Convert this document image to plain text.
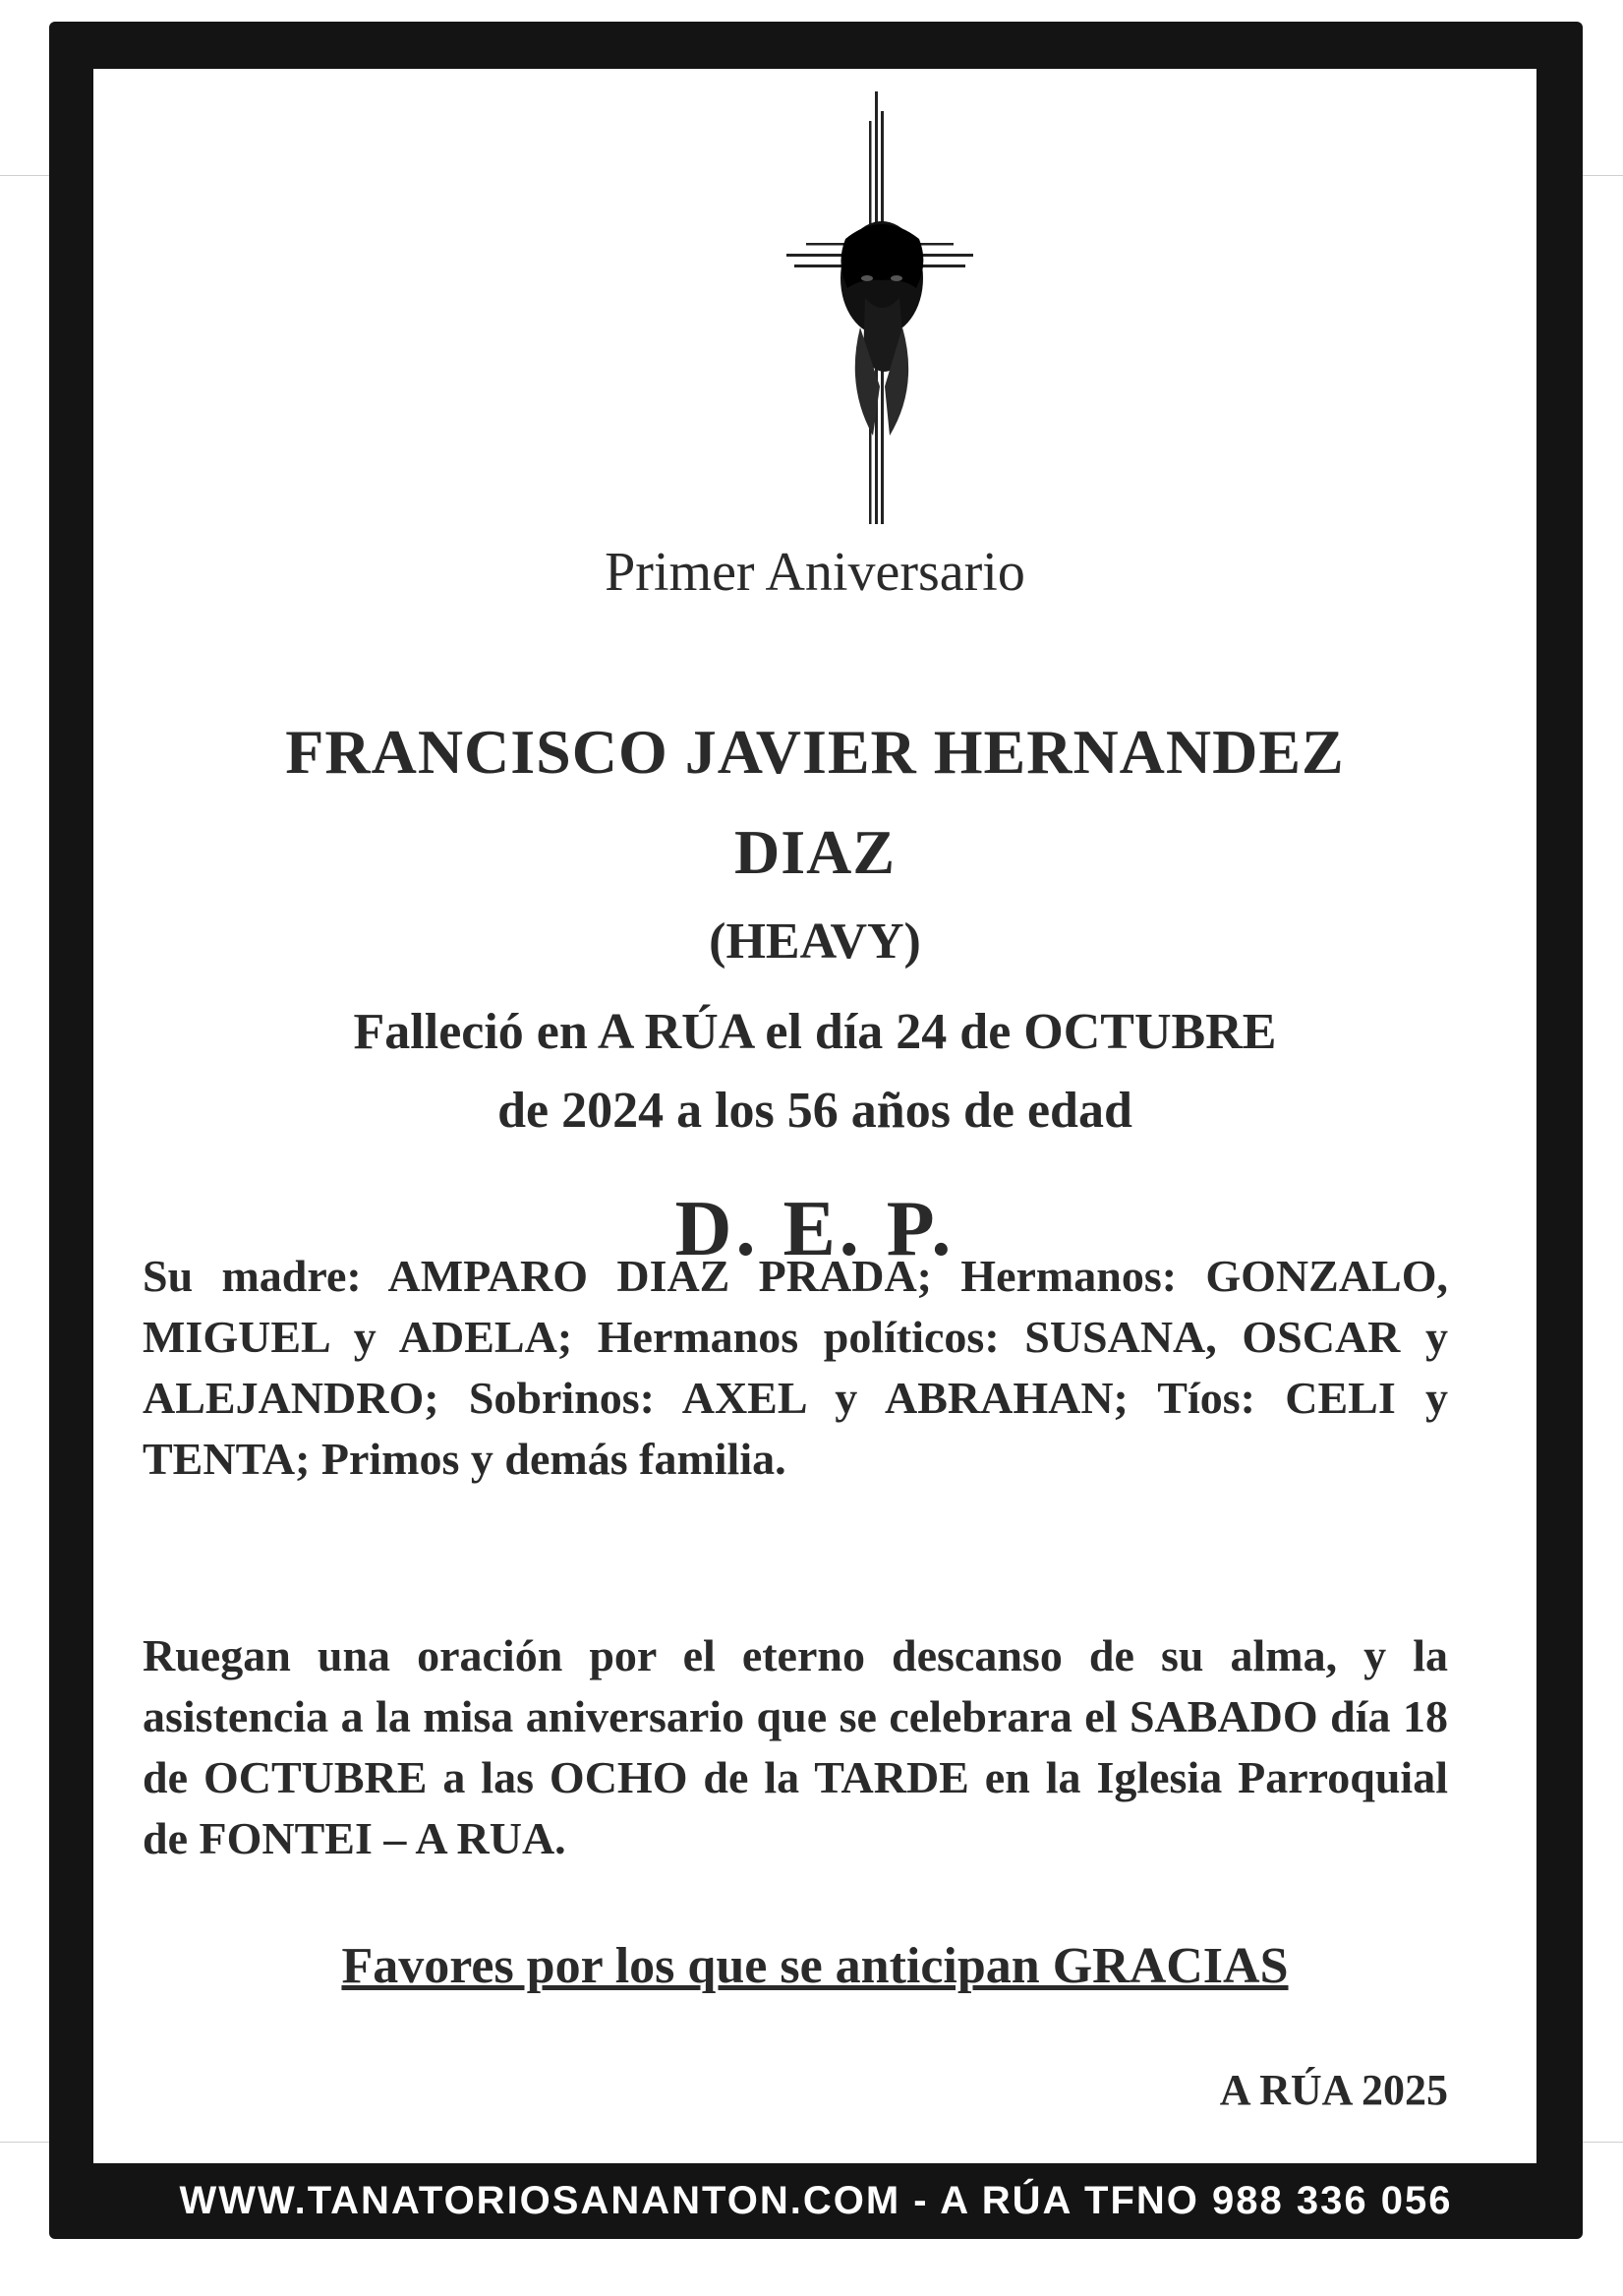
Primer Aniversario
FRANCISCO JAVIER HERNANDEZ
DIAZ
(HEAVY)
Falleció en A RÚA el día 24 de OCTUBRE
de 2024 a los 56 años de edad
D. E. P.
Su madre: AMPARO DIAZ PRADA; Hermanos: GONZALO, MIGUEL y ADELA; Hermanos políticos: SUSANA, OSCAR y ALEJANDRO; Sobrinos: AXEL y ABRAHAN; Tíos: CELI y TENTA; Primos y demás familia.
Ruegan una oración por el eterno descanso de su alma, y la asistencia a la misa aniversario que se celebrara el SABADO día 18 de OCTUBRE a las OCHO de la TARDE en la Iglesia Parroquial de FONTEI – A RUA.
Favores por los que se anticipan GRACIAS
A RÚA 2025
WWW.TANATORIOSANANTON.COM - A RÚA TFNO 988 336 056
